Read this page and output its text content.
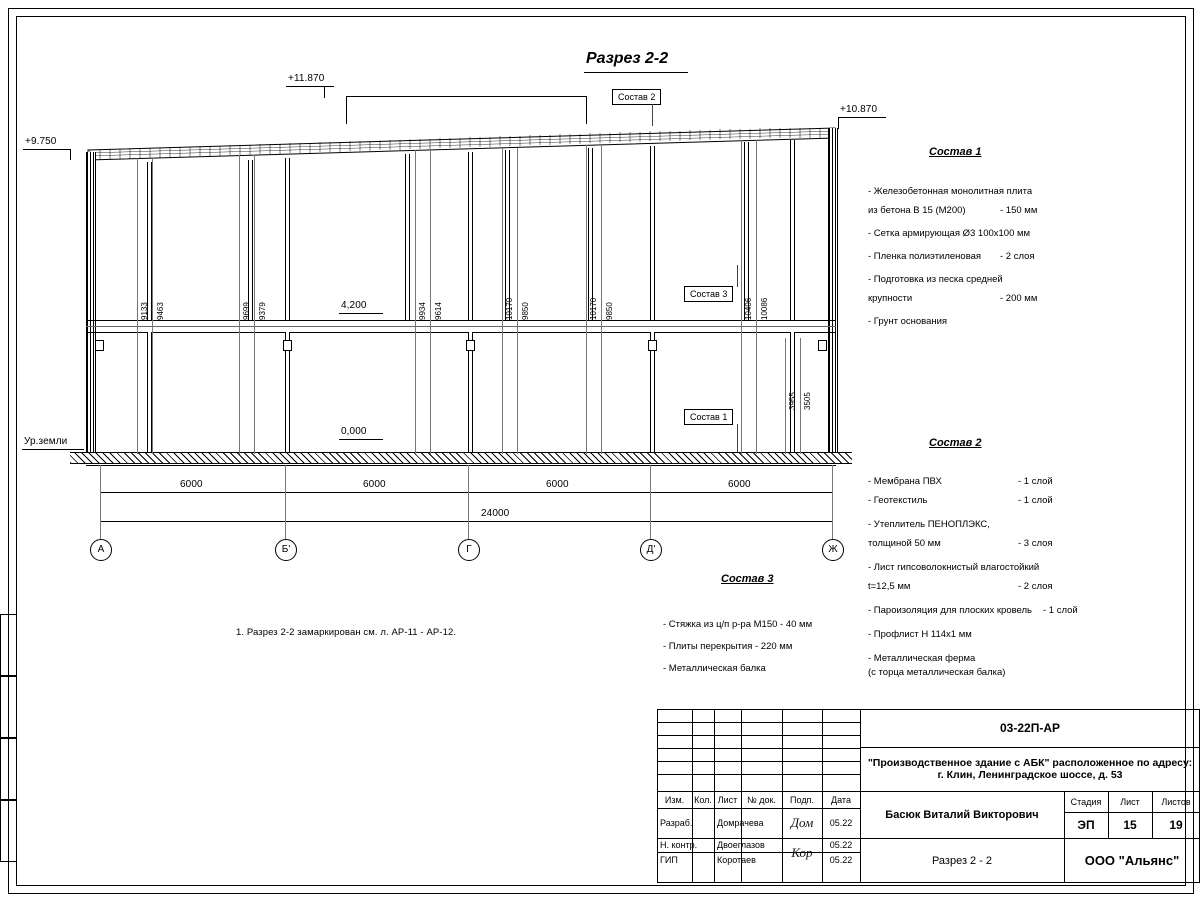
Разрез 2-2
+11.870
+10.870
+9.750
Ур.земли
9133 9463	9699 9379	9934 9614	10170 9850	10170 9850	10406 10086
3955 3505
4,200
0,000
Состав 2
Состав 3
Состав 1
6000	6000	6000	6000
24000
А	Б'	Г	Д'	Ж
1. Разрез 2-2 замаркирован см. л. АР-11 - АР-12.
Состав 1
- Железобетонная монолитная плита
из бетона В 15 (М200)	- 150 мм
- Сетка армирующая Ø3 100х100 мм
- Пленка полиэтиленовая - 2 слоя
- Подготовка из песка средней
крупности	- 200 мм
- Грунт основания
Состав 2
- Мембрана ПВХ	- 1 слой
- Геотекстиль	- 1 слой
- Утеплитель ПЕНОПЛЭКС,
толщиной 50 мм	- 3 слоя
- Лист гипсоволокнистый влагостойкий
t=12,5 мм	- 2 слоя
- Пароизоляция для плоских кровель - 1 слой
- Профлист Н 114х1 мм
- Металлическая ферма
(с торца металлическая балка)
Состав 3
- Стяжка из ц/п р-ра М150 - 40 мм
- Плиты перекрытия - 220 мм
- Металлическая балка
03-22П-АР
"Производственное здание с АБК" расположенное по адресу:
г. Клин, Ленинградское шоссе, д. 53
Изм.	Кол. Лист	№ док.	Подп.	Дата
Разраб.	Домрачева	Дом	05.22
Н. контр.	Двоеглазов	05.22
ГИП	Коротаев	05.22
Кор
Басюк Виталий Викторович
Стадия	Лист	Листов
ЭП	15	19
Разрез 2 - 2	ООО "Альянс"
